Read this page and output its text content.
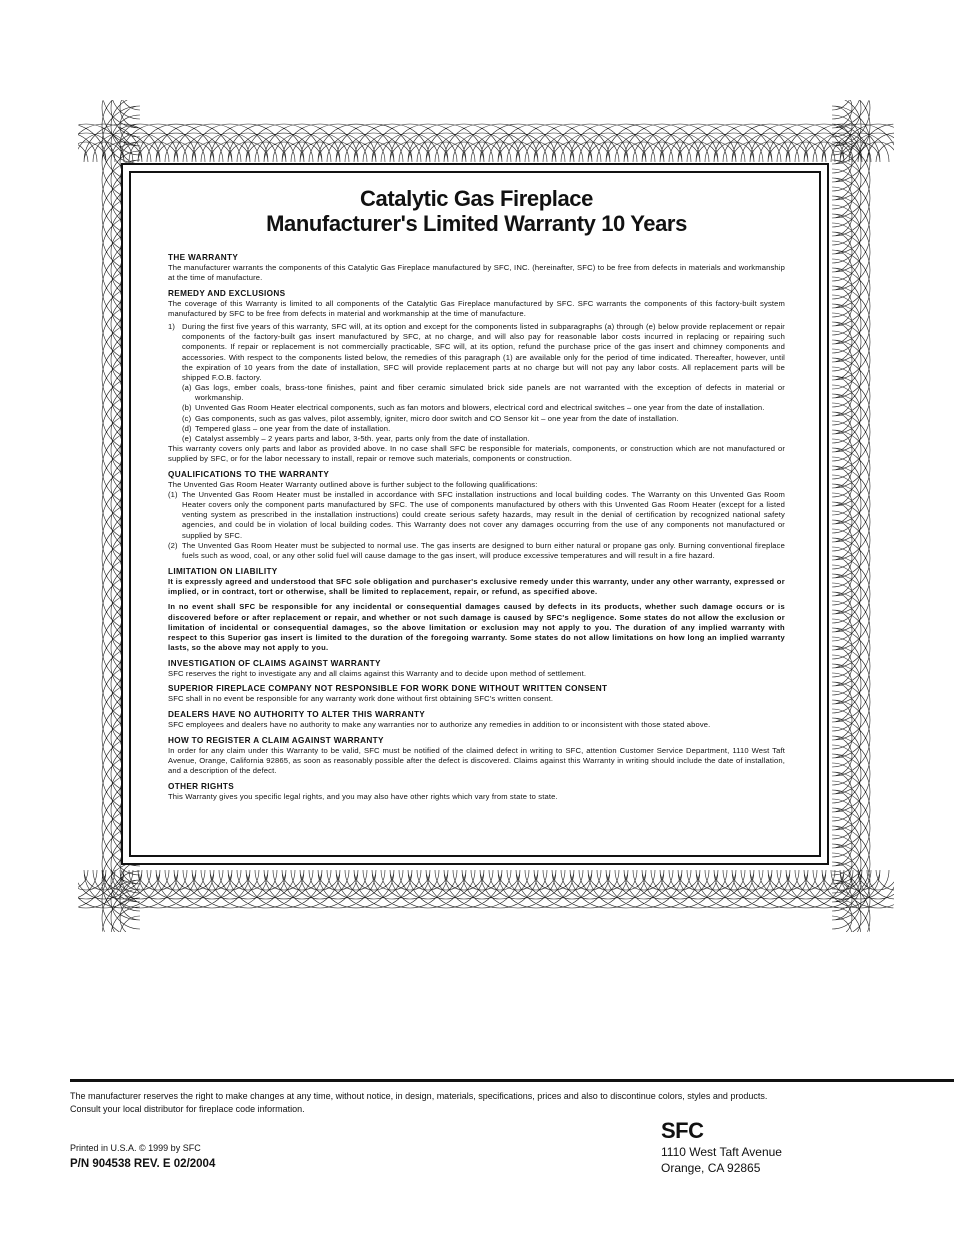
Catalytic Gas Fireplace
Manufacturer's Limited Warranty 10 Years
THE WARRANTY
The manufacturer warrants the components of this Catalytic Gas Fireplace manufactured by SFC, INC. (hereinafter, SFC) to be free from defects in materials and workmanship at the time of manufacture.
REMEDY AND EXCLUSIONS
The coverage of this Warranty is limited to all components of the Catalytic Gas Fireplace manufactured by SFC. SFC warrants the components of this factory-built system manufactured by SFC to be free from defects in material and workmanship at the time of manufacture.
1) During the first five years of this warranty, SFC will, at its option and except for the components listed in subparagraphs (a) through (e) below provide replacement or repair components of the factory-built gas insert manufactured by SFC, at no charge, and will also pay for reasonable labor costs incurred in replacing or repairing such components. If repair or replacement is not commercially practicable, SFC will, at its option, refund the purchase price of the gas insert and chimney components and accessories. With respect to the components listed below, the remedies of this paragraph (1) are available only for the period of time indicated. Thereafter, however, until the expiration of 10 years from the date of installation, SFC will provide replacement parts at no charge but will not pay any labor costs. All replacement parts will be shipped F.O.B. factory.
(a) Gas logs, ember coals, brass-tone finishes, paint and fiber ceramic simulated brick side panels are not warranted with the exception of defects in material or workmanship.
(b) Unvented Gas Room Heater electrical components, such as fan motors and blowers, electrical cord and electrical switches – one year from the date of installation.
(c) Gas components, such as gas valves, pilot assembly, igniter, micro door switch and CO Sensor kit – one year from the date of installation.
(d) Tempered glass – one year from the date of installation.
(e) Catalyst assembly – 2 years parts and labor, 3-5th. year, parts only from the date of installation.
This warranty covers only parts and labor as provided above. In no case shall SFC be responsible for materials, components, or construction which are not manufactured or supplied by SFC, or for the labor necessary to install, repair or remove such materials, components or construction.
QUALIFICATIONS TO THE WARRANTY
The Unvented Gas Room Heater Warranty outlined above is further subject to the following qualifications:
(1) The Unvented Gas Room Heater must be installed in accordance with SFC installation instructions and local building codes. The Warranty on this Unvented Gas Room Heater covers only the component parts manufactured by SFC. The use of components manufactured by others with this Unvented Gas Room Heater (except for a listed venting system as prescribed in the installation instructions) could create serious safety hazards, may result in the denial of certification by recognized national safety agencies, and could be in violation of local building codes. This Warranty does not cover any damages occurring from the use of any components not manufactured or supplied by SFC.
(2) The Unvented Gas Room Heater must be subjected to normal use. The gas inserts are designed to burn either natural or propane gas only. Burning conventional fireplace fuels such as wood, coal, or any other solid fuel will cause damage to the gas insert, will produce excessive temperatures and will result in a fire hazard.
LIMITATION ON LIABILITY
It is expressly agreed and understood that SFC sole obligation and purchaser's exclusive remedy under this warranty, under any other warranty, expressed or implied, or in contract, tort or otherwise, shall be limited to replacement, repair, or refund, as specified above.
In no event shall SFC be responsible for any incidental or consequential damages caused by defects in its products, whether such damage occurs or is discovered before or after replacement or repair, and whether or not such damage is caused by SFC's negligence. Some states do not allow the exclusion or limitation of incidental or consequential damages, so the above limitation or exclusion may not apply to you. The duration of any implied warranty with respect to this Superior gas insert is limited to the duration of the foregoing warranty. Some states do not allow limitations on how long an implied warranty lasts, so the above may not apply to you.
INVESTIGATION OF CLAIMS AGAINST WARRANTY
SFC reserves the right to investigate any and all claims against this Warranty and to decide upon method of settlement.
SUPERIOR FIREPLACE COMPANY NOT RESPONSIBLE FOR WORK DONE WITHOUT WRITTEN CONSENT
SFC shall in no event be responsible for any warranty work done without first obtaining SFC's written consent.
DEALERS HAVE NO AUTHORITY TO ALTER THIS WARRANTY
SFC employees and dealers have no authority to make any warranties nor to authorize any remedies in addition to or inconsistent with those stated above.
HOW TO REGISTER A CLAIM AGAINST WARRANTY
In order for any claim under this Warranty to be valid, SFC must be notified of the claimed defect in writing to SFC, attention Customer Service Department, 1110 West Taft Avenue, Orange, California 92865, as soon as reasonably possible after the defect is discovered. Claims against this Warranty in writing should include the date of installation, and a description of the defect.
OTHER RIGHTS
This Warranty gives you specific legal rights, and you may also have other rights which vary from state to state.
The manufacturer reserves the right to make changes at any time, without notice, in design, materials, specifications, prices and also to discontinue colors, styles and products.
Consult your local distributor for fireplace code information.
Printed in U.S.A. © 1999 by SFC
P/N 904538 REV. E 02/2004
SFC
1110 West Taft Avenue
Orange, CA 92865
